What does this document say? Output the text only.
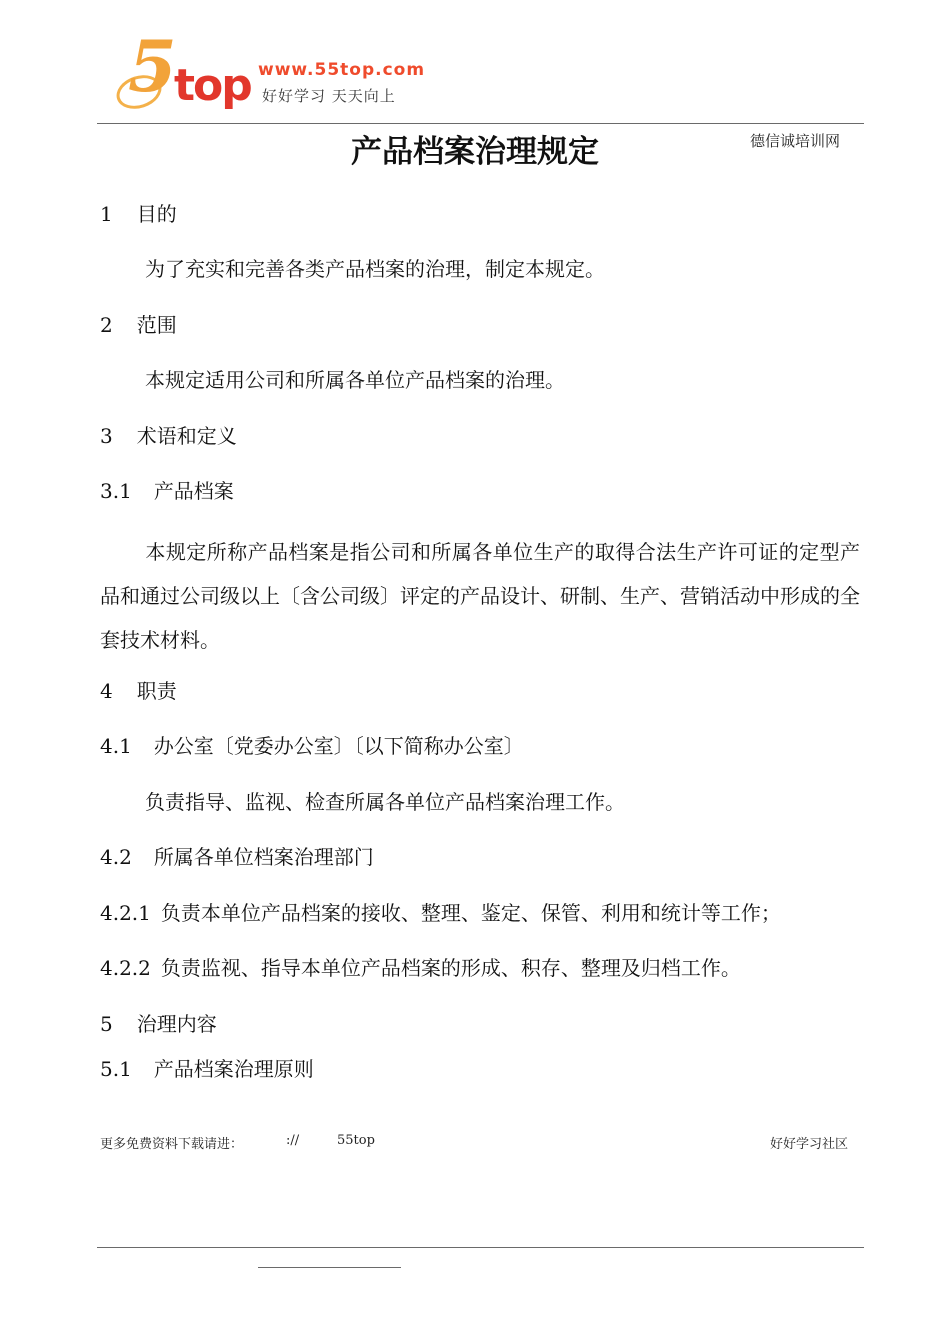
5
top www.55top.com
好好学习 天天向上
德信诚培训网
产品档案治理规定
1 目的
为了充实和完善各类产品档案的治理，制定本规定。
2 范围
本规定适用公司和所属各单位产品档案的治理。
3 术语和定义
3.1 产品档案
本规定所称产品档案是指公司和所属各单位生产的取得合法生产许可证的定型产品和通过公司级以上〔含公司级〕评定的产品设计、研制、生产、营销活动中形成的全套技术材料。
4 职责
4.1 办公室〔党委办公室〕〔以下简称办公室〕
负责指导、监视、检查所属各单位产品档案治理工作。
4.2 所属各单位档案治理部门
4.2.1 负责本单位产品档案的接收、整理、鉴定、保管、利用和统计等工作；
4.2.2 负责监视、指导本单位产品档案的形成、积存、整理及归档工作。
5 治理内容
5.1 产品档案治理原则
更多免费资料下载请进：	://	55top	好好学习社区
